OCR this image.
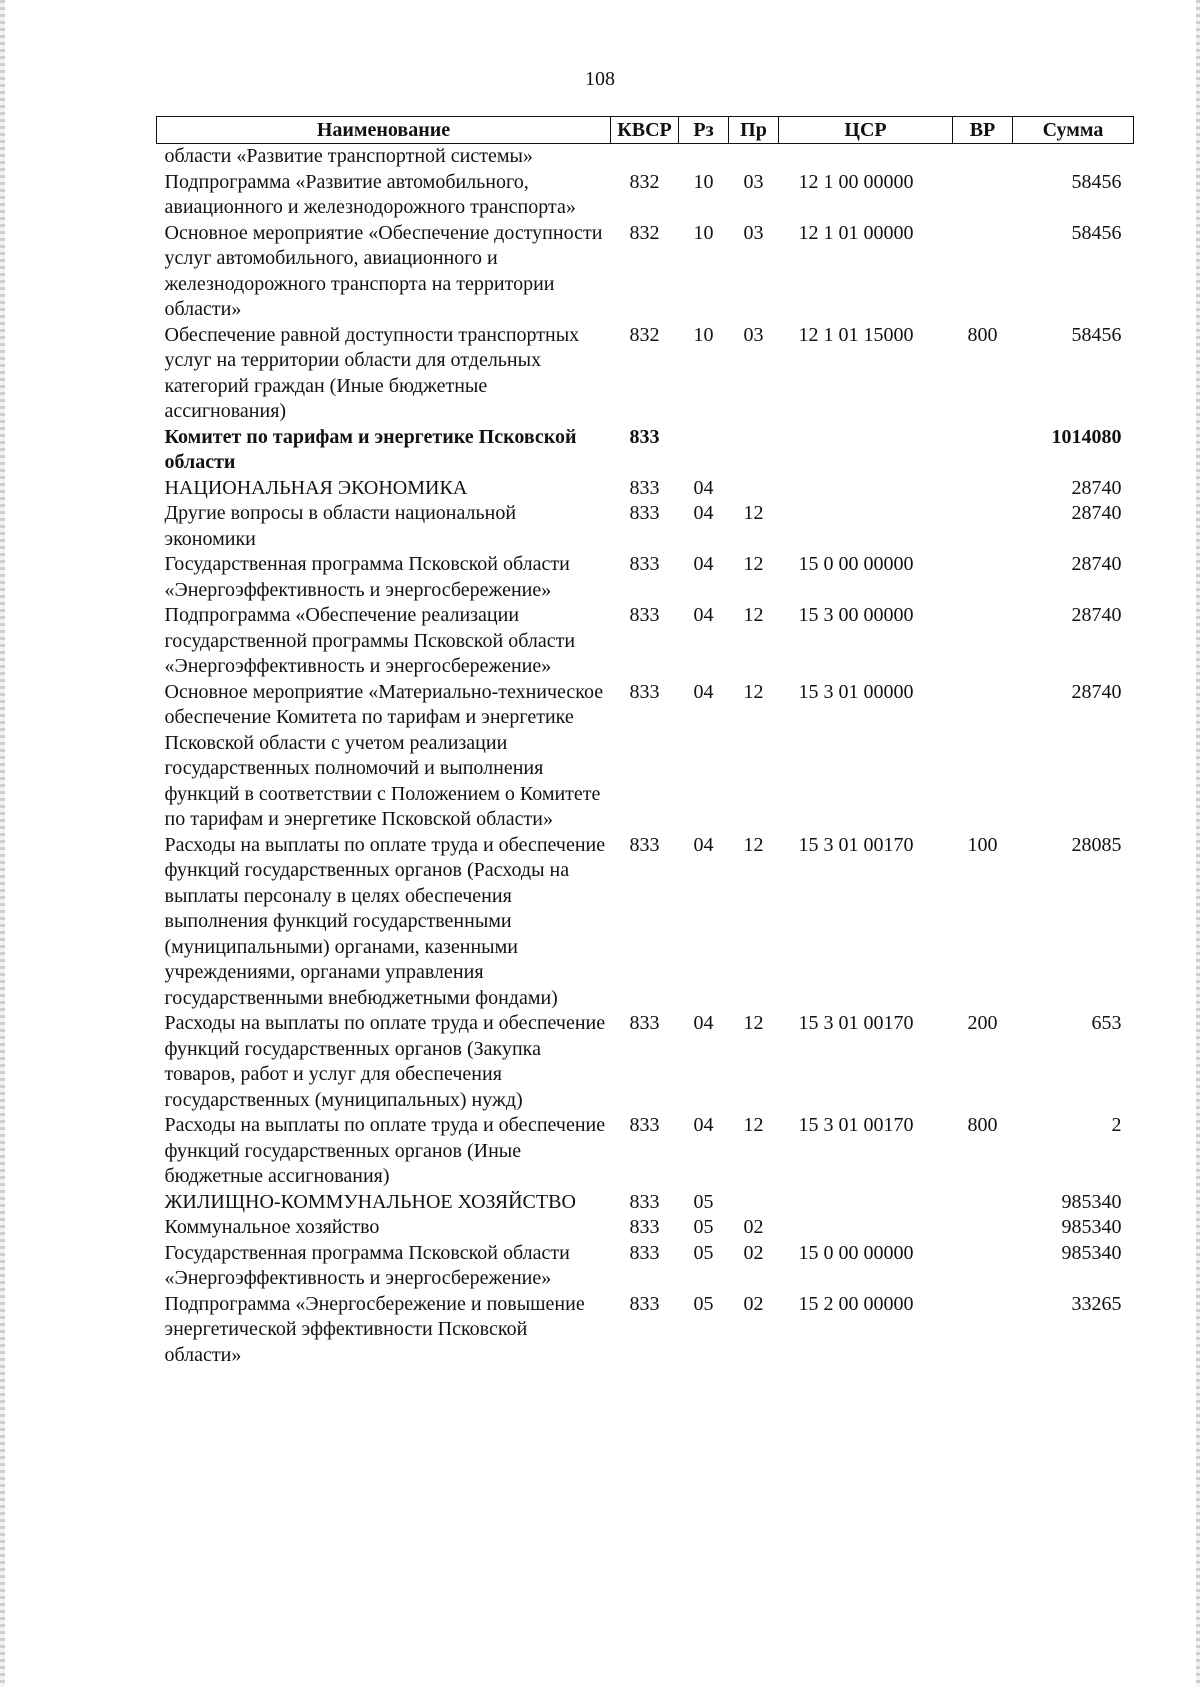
108
Наименование	КВСР	Рз	Пр	ЦСР	ВР	Сумма
области «Развитие транспортной системы»						
Подпрограмма «Развитие автомобильного, авиационного и железнодорожного транспорта»	832	10	03	12 1 00 00000		58456
Основное мероприятие «Обеспечение доступности услуг автомобильного, авиационного и железнодорожного транспорта на территории области»	832	10	03	12 1 01 00000		58456
Обеспечение равной доступности транспортных услуг на территории области для отдельных категорий граждан (Иные бюджетные ассигнования)	832	10	03	12 1 01 15000	800	58456
Комитет по тарифам и энергетике Псковской области	833					1014080
НАЦИОНАЛЬНАЯ ЭКОНОМИКА	833	04				28740
Другие вопросы в области национальной экономики	833	04	12			28740
Государственная программа Псковской области «Энергоэффективность и энергосбережение»	833	04	12	15 0 00 00000		28740
Подпрограмма «Обеспечение реализации государственной программы Псковской области «Энергоэффективность и энергосбережение»	833	04	12	15 3 00 00000		28740
Основное мероприятие «Материально-техническое обеспечение Комитета по тарифам и энергетике Псковской области с учетом реализации государственных полномочий и выполнения функций в соответствии с Положением о Комитете по тарифам и энергетике Псковской области»	833	04	12	15 3 01 00000		28740
Расходы на выплаты по оплате труда и обеспечение функций государственных органов (Расходы на выплаты персоналу в целях обеспечения выполнения функций государственными (муниципальными) органами, казенными учреждениями, органами управления государственными внебюджетными фондами)	833	04	12	15 3 01 00170	100	28085
Расходы на выплаты по оплате труда и обеспечение функций государственных органов (Закупка товаров, работ и услуг для обеспечения государственных (муниципальных) нужд)	833	04	12	15 3 01 00170	200	653
Расходы на выплаты по оплате труда и обеспечение функций государственных органов (Иные бюджетные ассигнования)	833	04	12	15 3 01 00170	800	2
ЖИЛИЩНО-КОММУНАЛЬНОЕ ХОЗЯЙСТВО	833	05				985340
Коммунальное хозяйство	833	05	02			985340
Государственная программа Псковской области «Энергоэффективность и энергосбережение»	833	05	02	15 0 00 00000		985340
Подпрограмма «Энергосбережение и повышение энергетической эффективности Псковской области»	833	05	02	15 2 00 00000		33265
